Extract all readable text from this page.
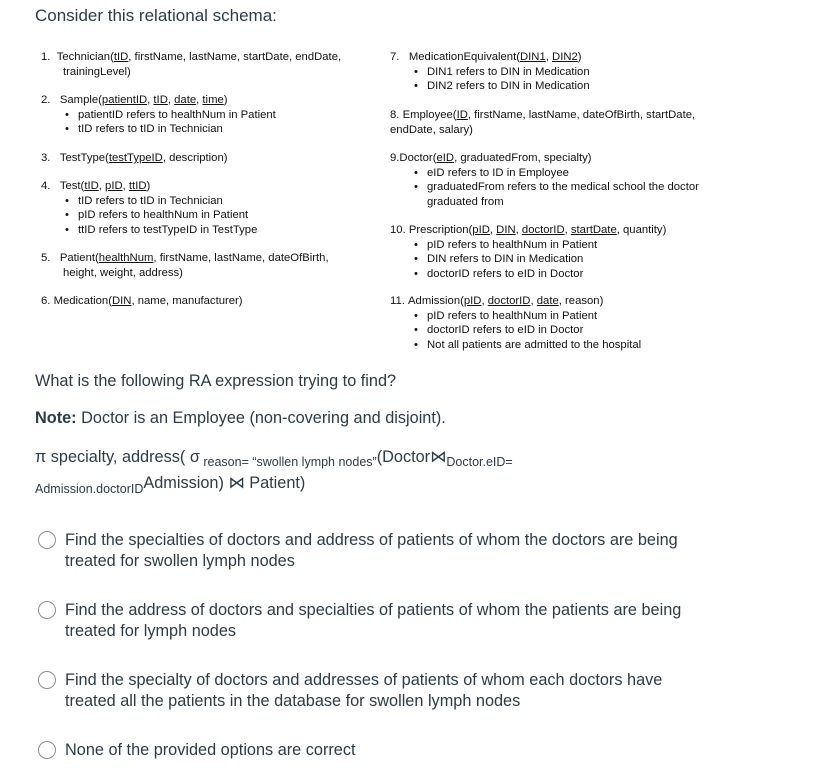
Consider this relational schema:
1. Technician(tID, firstName, lastName, startDate, endDate,
trainingLevel)
2. Sample(patientID, tID, date, time)
• patientID refers to healthNum in Patient
• tID refers to tID in Technician
3. TestType(testTypeID, description)
4. Test(tID, pID, ttID)
• tID refers to tID in Technician
• pID refers to healthNum in Patient
• ttID refers to testTypeID in TestType
5. Patient(healthNum, firstName, lastName, dateOfBirth,
height, weight, address)
6. Medication(DIN, name, manufacturer)
7. MedicationEquivalent(DIN1, DIN2)
• DIN1 refers to DIN in Medication
• DIN2 refers to DIN in Medication
8. Employee(ID, firstName, lastName, dateOfBirth, startDate,
endDate, salary)
9.Doctor(eID, graduatedFrom, specialty)
• eID refers to ID in Employee
• graduatedFrom refers to the medical school the doctor graduated from
10. Prescription(pID, DIN, doctorID, startDate, quantity)
• pID refers to healthNum in Patient
• DIN refers to DIN in Medication
• doctorID refers to eID in Doctor
11. Admission(pID, doctorID, date, reason)
• pID refers to healthNum in Patient
• doctorID refers to eID in Doctor
• Not all patients are admitted to the hospital
What is the following RA expression trying to find?
Note: Doctor is an Employee (non-covering and disjoint).
π specialty, address( σ $_{reason= “swollen lymph nodes”}(Doctor⋈_{Doctor.eID=}$
$_{Admission.doctorID}$Admission) ⋈ Patient)
Find the specialties of doctors and address of patients of whom the doctors are being treated for swollen lymph nodes
Find the address of doctors and specialties of patients of whom the patients are being treated for lymph nodes
Find the specialty of doctors and addresses of patients of whom each doctors have treated all the patients in the database for swollen lymph nodes
None of the provided options are correct
